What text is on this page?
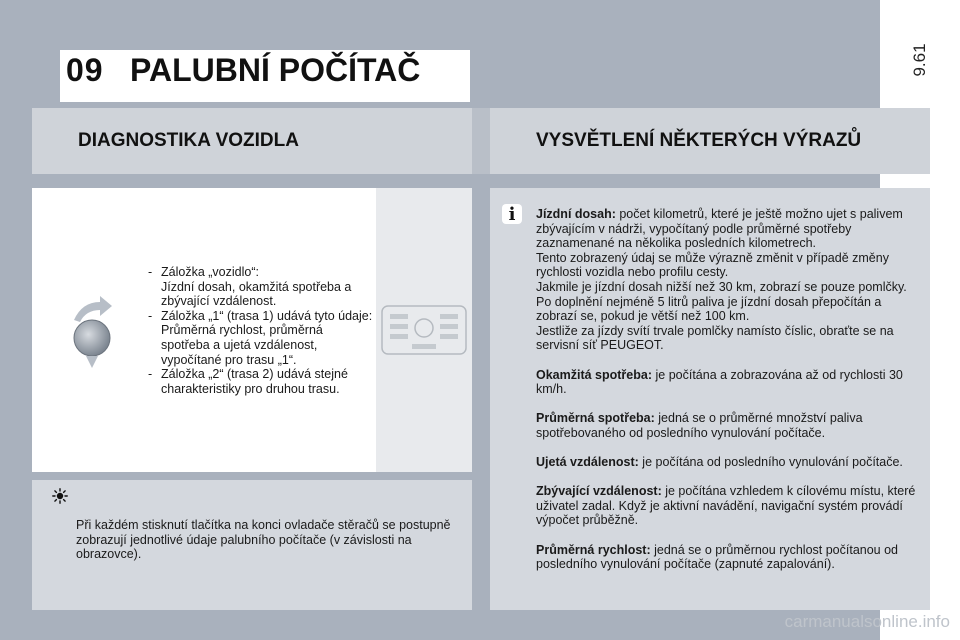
9.61
09 PALUBNÍ POČÍTAČ
DIAGNOSTIKA VOZIDLA	VYSVĚTLENÍ NĚKTERÝCH VÝRAZŮ
- Záložka „vozidlo“:
Jízdní dosah, okamžitá spotřeba a zbývající vzdálenost.
- Záložka „1“ (trasa 1) udává tyto údaje:
Průměrná rychlost, průměrná spotřeba a ujetá vzdálenost, vypočítané pro trasu „1“.
- Záložka „2“ (trasa 2) udává stejné charakteristiky pro druhou trasu.

Při každém stisknutí tlačítka na konci ovladače stěračů se postupně zobrazují jednotlivé údaje palubního počítače (v závislosti na obrazovce).

i	Jízdní dosah: počet kilometrů, které je ještě možno ujet s palivem zbývajícím v nádrži, vypočítaný podle průměrné spotřeby zaznamenané na několika posledních kilometrech.
Tento zobrazený údaj se může výrazně změnit v případě změny rychlosti vozidla nebo profilu cesty.
Jakmile je jízdní dosah nižší než 30 km, zobrazí se pouze pomlčky. Po doplnění nejméně 5 litrů paliva je jízdní dosah přepočítán a zobrazí se, pokud je větší než 100 km.
Jestliže za jízdy svítí trvale pomlčky namísto číslic, obraťte se na servisní síť PEUGEOT.

Okamžitá spotřeba: je počítána a zobrazována až od rychlosti 30 km/h.

Průměrná spotřeba: jedná se o průměrné množství paliva spotřebovaného od posledního vynulování počítače.

Ujetá vzdálenost: je počítána od posledního vynulování počítače.

Zbývající vzdálenost: je počítána vzhledem k cílovému místu, které uživatel zadal. Když je aktivní navádění, navigační systém provádí výpočet průběžně.

Průměrná rychlost: jedná se o průměrnou rychlost počítanou od posledního vynulování počítače (zapnuté zapalování).

carmanualsonline.info
